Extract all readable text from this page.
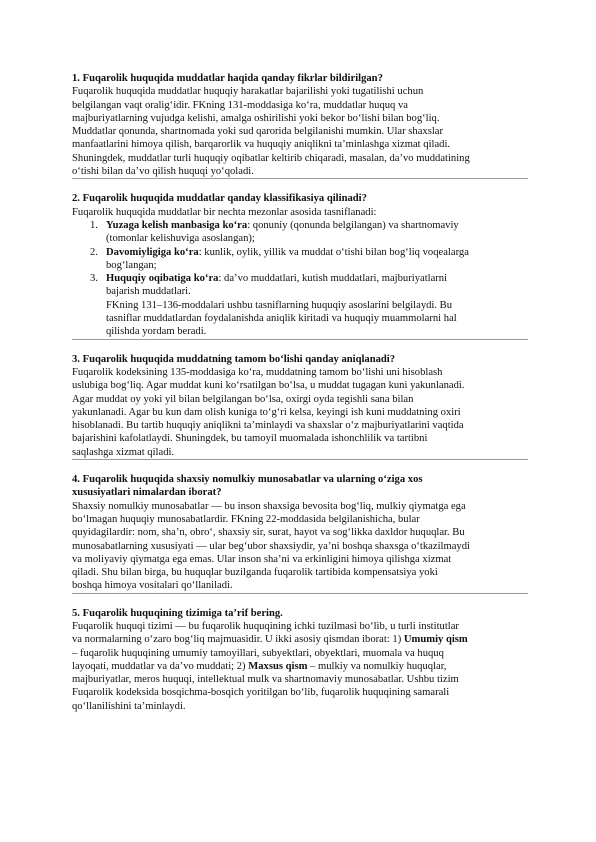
1. Fuqarolik huquqida muddatlar haqida qanday fikrlar bildirilgan?

Fuqarolik huquqida muddatlar huquqiy harakatlar bajarilishi yoki tugatilishi uchun
belgilangan vaqt oralig‘idir. FKning 131-moddasiga ko‘ra, muddatlar huquq va
majburiyatlarning vujudga kelishi, amalga oshirilishi yoki bekor bo‘lishi bilan bog‘liq.
Muddatlar qonunda, shartnomada yoki sud qarorida belgilanishi mumkin. Ular shaxslar
manfaatlarini himoya qilish, barqarorlik va huquqiy aniqlikni ta’minlashga xizmat qiladi.
Shuningdek, muddatlar turli huquqiy oqibatlar keltirib chiqaradi, masalan, da’vo muddatining
o‘tishi bilan da’vo qilish huquqi yo‘qoladi.

2. Fuqarolik huquqida muddatlar qanday klassifikasiya qilinadi?

Fuqarolik huquqida muddatlar bir nechta mezonlar asosida tasniflanadi:
1. Yuzaga kelish manbasiga ko‘ra: qonuniy (qonunda belgilangan) va shartnomaviy
(tomonlar kelishuviga asoslangan);
2. Davomiyligiga ko‘ra: kunlik, oylik, yillik va muddat o‘tishi bilan bog‘liq voqealarga
bog‘langan;
3. Huquqiy oqibatiga ko‘ra: da’vo muddatlari, kutish muddatlari, majburiyatlarni
bajarish muddatlari.
FKning 131–136-moddalari ushbu tasniflarning huquqiy asoslarini belgilaydi. Bu
tasniflar muddatlardan foydalanishda aniqlik kiritadi va huquqiy muammolarni hal
qilishda yordam beradi.

3. Fuqarolik huquqida muddatning tamom bo‘lishi qanday aniqlanadi?

Fuqarolik kodeksining 135-moddasiga ko‘ra, muddatning tamom bo‘lishi uni hisoblash
uslubiga bog‘liq. Agar muddat kuni ko‘rsatilgan bo‘lsa, u muddat tugagan kuni yakunlanadi.
Agar muddat oy yoki yil bilan belgilangan bo‘lsa, oxirgi oyda tegishli sana bilan
yakunlanadi. Agar bu kun dam olish kuniga to‘g‘ri kelsa, keyingi ish kuni muddatning oxiri
hisoblanadi. Bu tartib huquqiy aniqlikni ta’minlaydi va shaxslar o‘z majburiyatlarini vaqtida
bajarishini kafolatlaydi. Shuningdek, bu tamoyil muomalada ishonchlilik va tartibni
saqlashga xizmat qiladi.
4. Fuqarolik huquqida shaxsiy nomulkiy munosabatlar va ularning o‘ziga xos
xususiyatlari nimalardan iborat?
Shaxsiy nomulkiy munosabatlar — bu inson shaxsiga bevosita bog‘liq, mulkiy qiymatga ega
bo‘lmagan huquqiy munosabatlardir. FKning 22-moddasida belgilanishicha, bular
quyidagilardir: nom, sha’n, obro‘, shaxsiy sir, surat, hayot va sog‘likka daxldor huquqlar. Bu
munosabatlarning xususiyati — ular beg‘ubor shaxsiydir, ya’ni boshqa shaxsga o‘tkazilmaydi
va moliyaviy qiymatga ega emas. Ular inson sha’ni va erkinligini himoya qilishga xizmat
qiladi. Shu bilan birga, bu huquqlar buzilganda fuqarolik tartibida kompensatsiya yoki
boshqa himoya vositalari qo‘llaniladi.

5. Fuqarolik huquqining tizimiga ta’rif bering.

Fuqarolik huquqi tizimi — bu fuqarolik huquqining ichki tuzilmasi bo‘lib, u turli institutlar
va normalarning o‘zaro bog‘liq majmuasidir. U ikki asosiy qismdan iborat: 1) Umumiy qism
– fuqarolik huquqining umumiy tamoyillari, subyektlari, obyektlari, muomala va huquq
layoqati, muddatlar va da’vo muddati; 2) Maxsus qism – mulkiy va nomulkiy huquqlar,
majburiyatlar, meros huquqi, intellektual mulk va shartnomaviy munosabatlar. Ushbu tizim
Fuqarolik kodeksida bosqichma-bosqich yoritilgan bo‘lib, fuqarolik huquqining samarali
qo‘llanilishini ta’minlaydi.
